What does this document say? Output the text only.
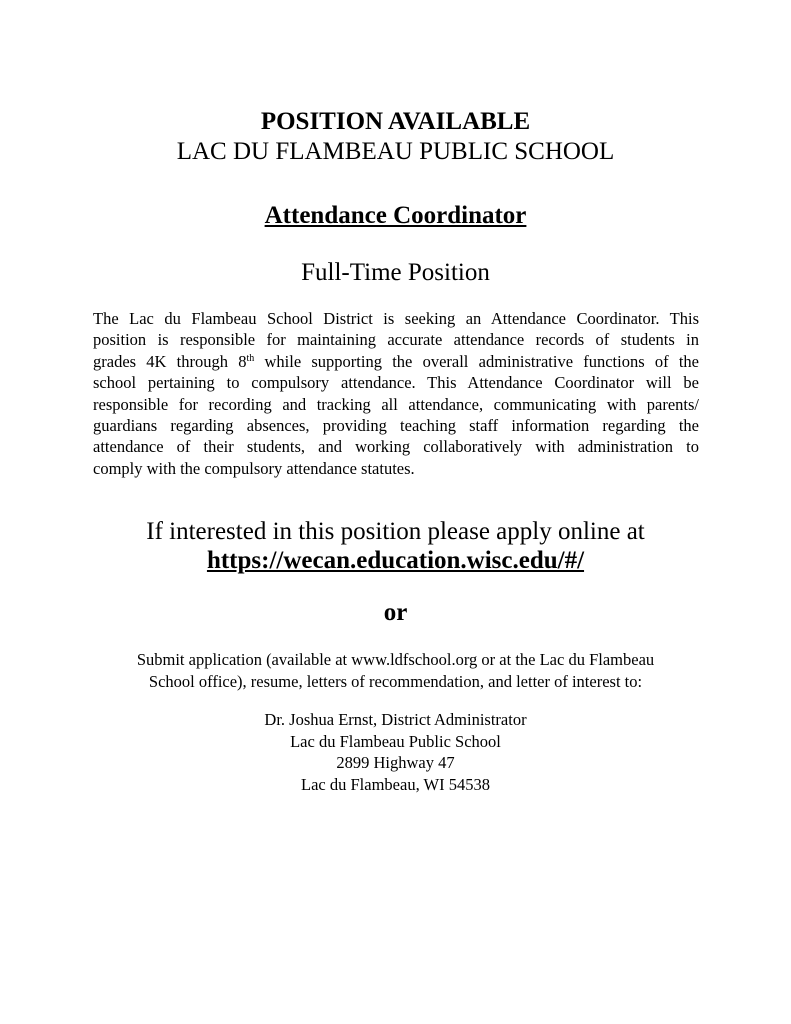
POSITION AVAILABLE
LAC DU FLAMBEAU PUBLIC SCHOOL
Attendance Coordinator
Full-Time Position
The Lac du Flambeau School District is seeking an Attendance Coordinator. This
position is responsible for maintaining accurate attendance records of students in
grades 4K through 8th while supporting the overall administrative functions of the
school pertaining to compulsory attendance. This Attendance Coordinator will be
responsible for recording and tracking all attendance, communicating with parents/
guardians regarding absences, providing teaching staff information regarding the
attendance of their students, and working collaboratively with administration to
comply with the compulsory attendance statutes.
If interested in this position please apply online at
https://wecan.education.wisc.edu/#/
or
Submit application (available at www.ldfschool.org or at the Lac du Flambeau
School office), resume, letters of recommendation, and letter of interest to:
Dr. Joshua Ernst, District Administrator
Lac du Flambeau Public School
2899 Highway 47
Lac du Flambeau, WI 54538
